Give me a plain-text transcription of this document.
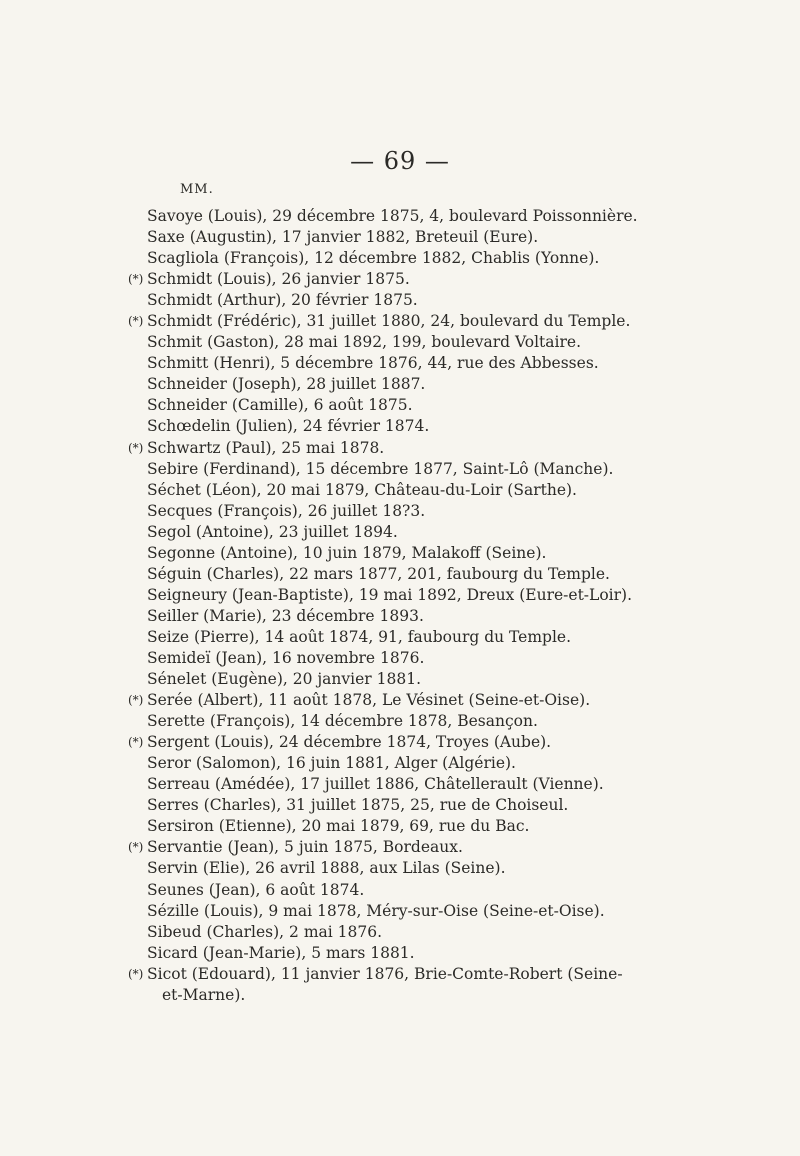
— 69 —
MM.
Savoye (Louis), 29 décembre 1875, 4, boulevard Poissonnière.
Saxe (Augustin), 17 janvier 1882, Breteuil (Eure).
Scagliola (François), 12 décembre 1882, Chablis (Yonne).
(*) Schmidt (Louis), 26 janvier 1875.
Schmidt (Arthur), 20 février 1875.
(*) Schmidt (Frédéric), 31 juillet 1880, 24, boulevard du Temple.
Schmit (Gaston), 28 mai 1892, 199, boulevard Voltaire.
Schmitt (Henri), 5 décembre 1876, 44, rue des Abbesses.
Schneider (Joseph), 28 juillet 1887.
Schneider (Camille), 6 août 1875.
Schœdelin (Julien), 24 février 1874.
(*) Schwartz (Paul), 25 mai 1878.
Sebire (Ferdinand), 15 décembre 1877, Saint-Lô (Manche).
Séchet (Léon), 20 mai 1879, Château-du-Loir (Sarthe).
Secques (François), 26 juillet 18?3.
Segol (Antoine), 23 juillet 1894.
Segonne (Antoine), 10 juin 1879, Malakoff (Seine).
Séguin (Charles), 22 mars 1877, 201, faubourg du Temple.
Seigneury (Jean-Baptiste), 19 mai 1892, Dreux (Eure-et-Loir).
Seiller (Marie), 23 décembre 1893.
Seize (Pierre), 14 août 1874, 91, faubourg du Temple.
Semideï (Jean), 16 novembre 1876.
Sénelet (Eugène), 20 janvier 1881.
(*) Serée (Albert), 11 août 1878, Le Vésinet (Seine-et-Oise).
Serette (François), 14 décembre 1878, Besançon.
(*) Sergent (Louis), 24 décembre 1874, Troyes (Aube).
Seror (Salomon), 16 juin 1881, Alger (Algérie).
Serreau (Amédée), 17 juillet 1886, Châtellerault (Vienne).
Serres (Charles), 31 juillet 1875, 25, rue de Choiseul.
Sersiron (Etienne), 20 mai 1879, 69, rue du Bac.
(*) Servantie (Jean), 5 juin 1875, Bordeaux.
Servin (Elie), 26 avril 1888, aux Lilas (Seine).
Seunes (Jean), 6 août 1874.
Sézille (Louis), 9 mai 1878, Méry-sur-Oise (Seine-et-Oise).
Sibeud (Charles), 2 mai 1876.
Sicard (Jean-Marie), 5 mars 1881.
(*) Sicot (Edouard), 11 janvier 1876, Brie-Comte-Robert (Seine-
et-Marne).
